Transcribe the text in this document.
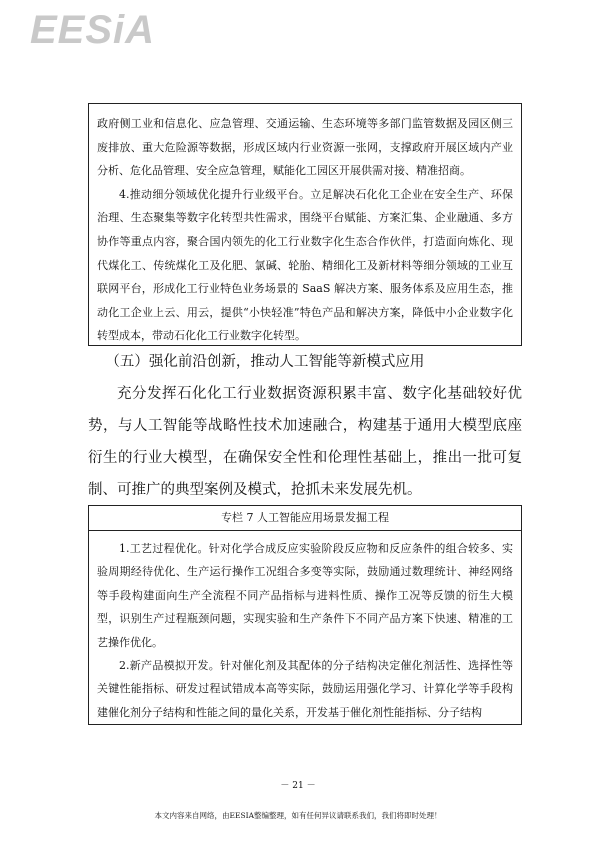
EESiA

政府侧工业和信息化、应急管理、交通运输、生态环境等多部门监管数据及园区侧三废排放、重大危险源等数据，形成区域内行业资源一张网，支撑政府开展区域内产业分析、危化品管理、安全应急管理，赋能化工园区开展供需对接、精准招商。

4.推动细分领域优化提升行业级平台。立足解决石化化工企业在安全生产、环保治理、生态聚集等数字化转型共性需求，围绕平台赋能、方案汇集、企业融通、多方协作等重点内容，聚合国内领先的化工行业数字化生态合作伙伴，打造面向炼化、现代煤化工、传统煤化工及化肥、氯碱、轮胎、精细化工及新材料等细分领域的工业互联网平台，形成化工行业特色业务场景的 SaaS 解决方案、服务体系及应用生态，推动化工企业上云、用云，提供“小快轻准”特色产品和解决方案，降低中小企业数字化转型成本，带动石化化工行业数字化转型。

（五）强化前沿创新，推动人工智能等新模式应用

充分发挥石化化工行业数据资源积累丰富、数字化基础较好优势，与人工智能等战略性技术加速融合，构建基于通用大模型底座衍生的行业大模型，在确保安全性和伦理性基础上，推出一批可复制、可推广的典型案例及模式，抢抓未来发展先机。

专栏 7 人工智能应用场景发掘工程

1.工艺过程优化。针对化学合成反应实验阶段反应物和反应条件的组合较多、实验周期经待优化、生产运行操作工况组合多变等实际，鼓励通过数理统计、神经网络等手段构建面向生产全流程不同产品指标与进料性质、操作工况等反馈的衍生大模型，识别生产过程瓶颈问题，实现实验和生产条件下不同产品方案下快速、精准的工艺操作优化。

2.新产品模拟开发。针对催化剂及其配体的分子结构决定催化剂活性、选择性等关键性能指标、研发过程试错成本高等实际，鼓励运用强化学习、计算化学等手段构建催化剂分子结构和性能之间的量化关系，开发基于催化剂性能指标、分子结构

－ 21 －
本文内容来自网络，由EESIA整编整理，如有任何异议请联系我们，我们将即时处理！
